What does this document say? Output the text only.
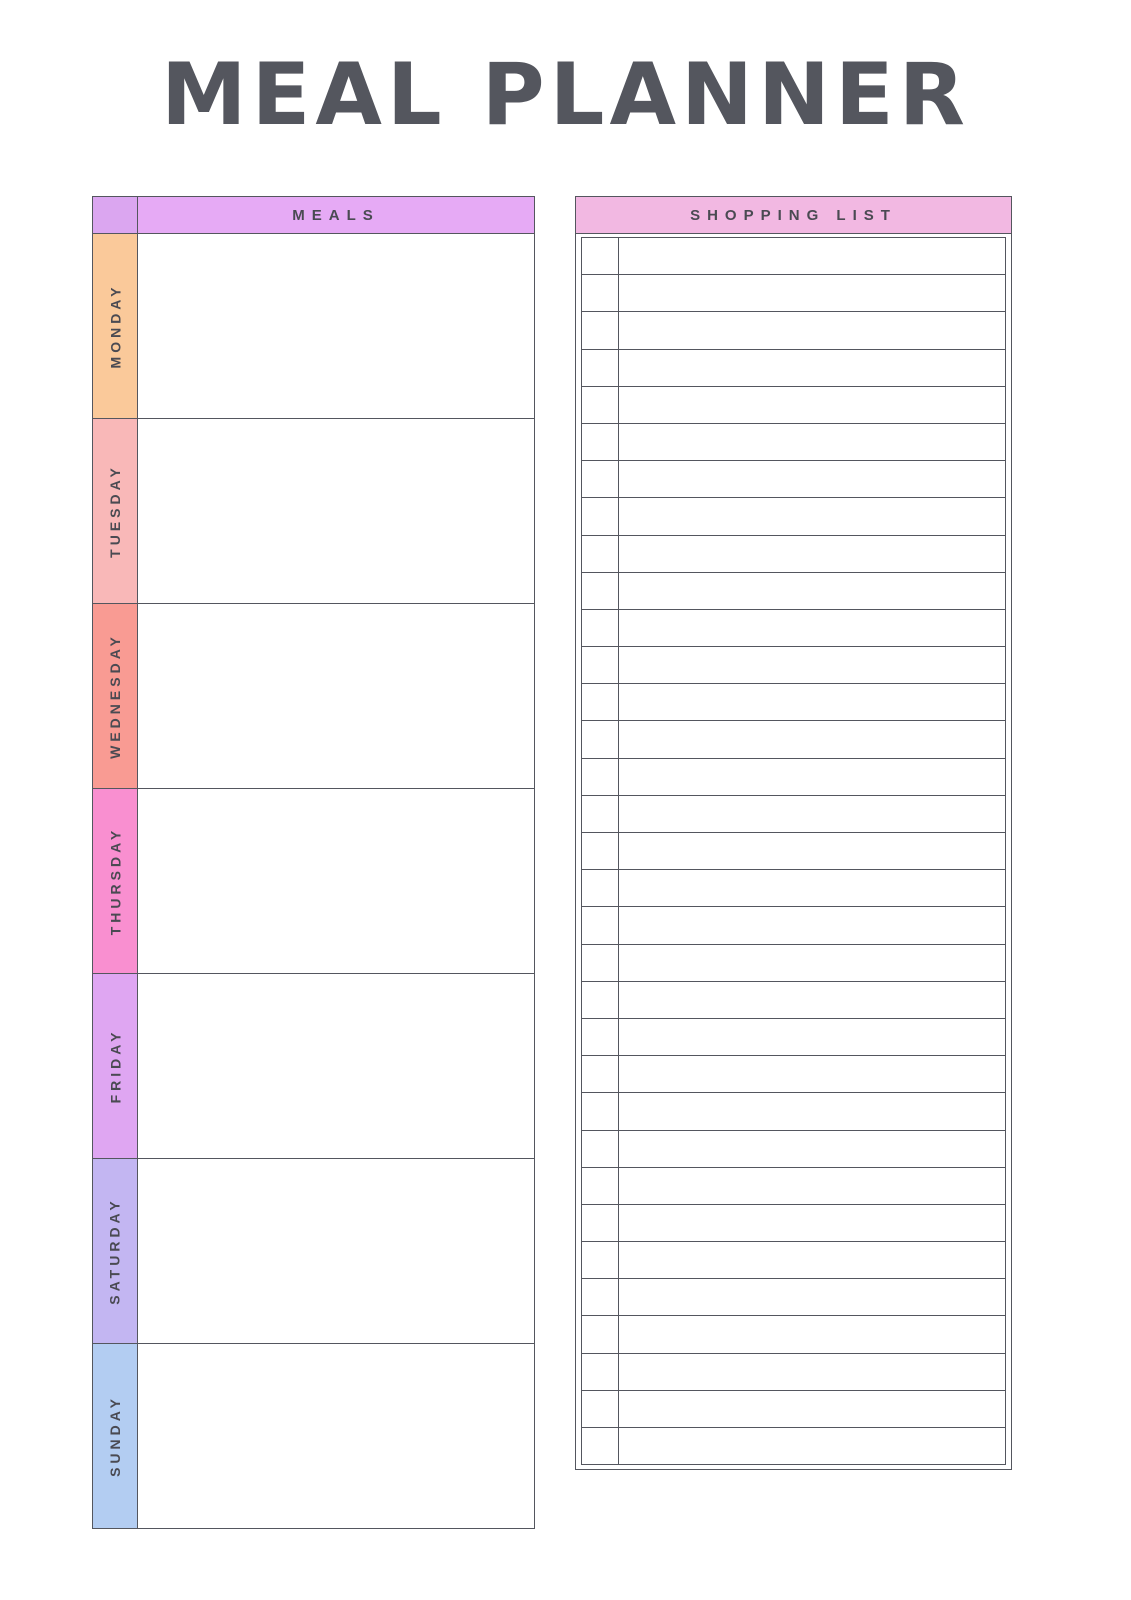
MEAL PLANNER
MEALS
MONDAY
TUESDAY
WEDNESDAY
THURSDAY
FRIDAY
SATURDAY
SUNDAY
SHOPPING LIST
